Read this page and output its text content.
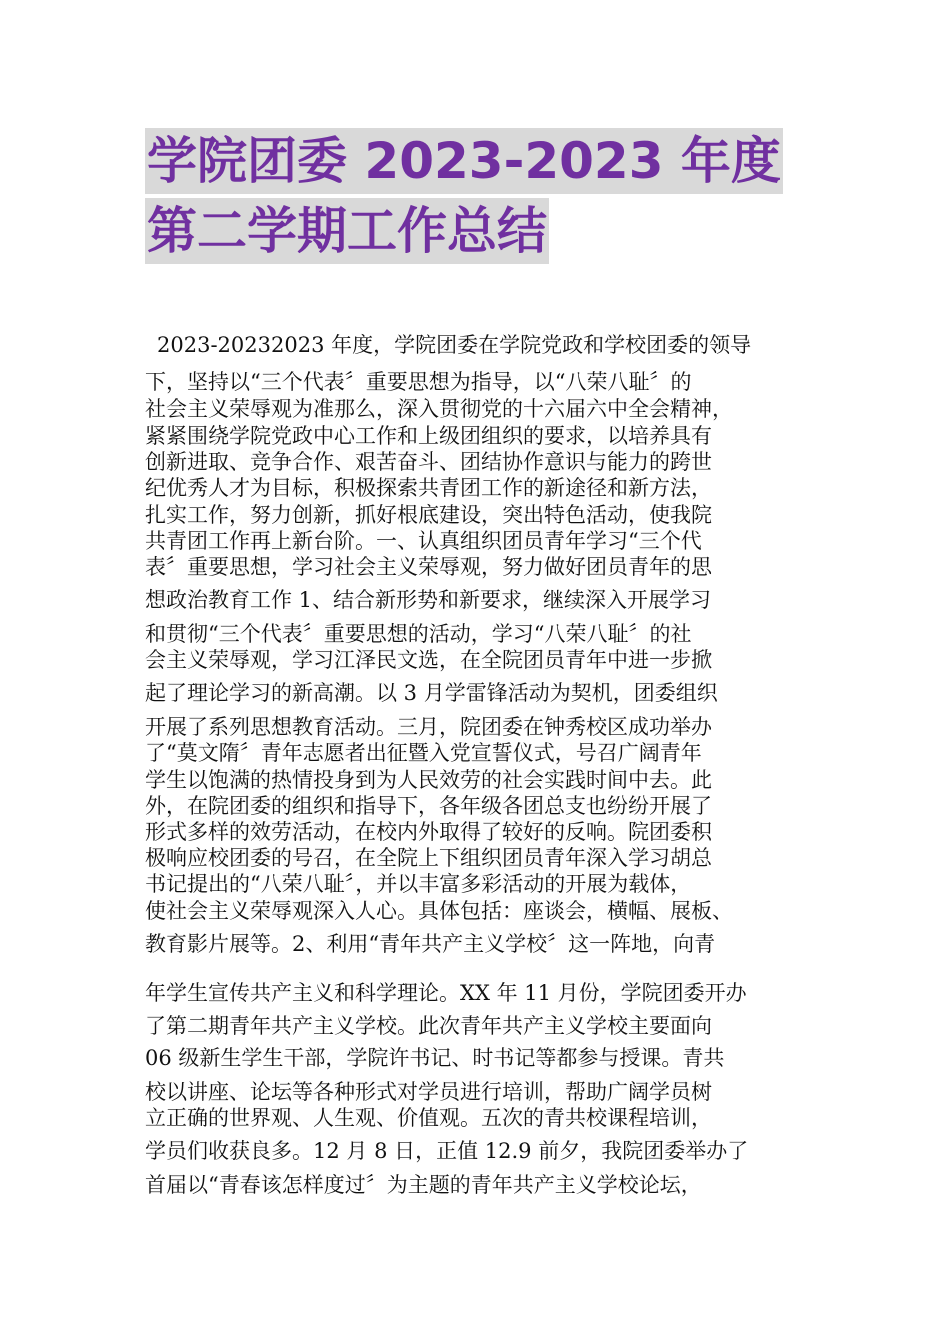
学院团委 2023-2023 年度
第二学期工作总结
2023-20232023 年度，学院团委在学院党政和学校团委的领导
下，坚持以“三个代表〞重要思想为指导，以“八荣八耻〞的
社会主义荣辱观为准那么，深入贯彻党的十六届六中全会精神，
紧紧围绕学院党政中心工作和上级团组织的要求，以培养具有
创新进取、竞争合作、艰苦奋斗、团结协作意识与能力的跨世
纪优秀人才为目标，积极探索共青团工作的新途径和新方法，
扎实工作，努力创新，抓好根底建设，突出特色活动，使我院
共青团工作再上新台阶。一、认真组织团员青年学习“三个代
表〞重要思想，学习社会主义荣辱观，努力做好团员青年的思
想政治教育工作 1、结合新形势和新要求，继续深入开展学习
和贯彻“三个代表〞重要思想的活动，学习“八荣八耻〞的社
会主义荣辱观，学习江泽民文选，在全院团员青年中进一步掀
起了理论学习的新高潮。以 3 月学雷锋活动为契机，团委组织
开展了系列思想教育活动。三月，院团委在钟秀校区成功举办
了“莫文隋〞青年志愿者出征暨入党宣誓仪式，号召广阔青年
学生以饱满的热情投身到为人民效劳的社会实践时间中去。此
外，在院团委的组织和指导下，各年级各团总支也纷纷开展了
形式多样的效劳活动，在校内外取得了较好的反响。院团委积
极响应校团委的号召，在全院上下组织团员青年深入学习胡总
书记提出的“八荣八耻〞，并以丰富多彩活动的开展为载体，
使社会主义荣辱观深入人心。具体包括：座谈会，横幅、展板、
教育影片展等。2、利用“青年共产主义学校〞这一阵地，向青
年学生宣传共产主义和科学理论。XX 年 11 月份，学院团委开办
了第二期青年共产主义学校。此次青年共产主义学校主要面向
06 级新生学生干部，学院许书记、时书记等都参与授课。青共
校以讲座、论坛等各种形式对学员进行培训，帮助广阔学员树
立正确的世界观、人生观、价值观。五次的青共校课程培训，
学员们收获良多。12 月 8 日，正值 12.9 前夕，我院团委举办了
首届以“青春该怎样度过〞为主题的青年共产主义学校论坛，
